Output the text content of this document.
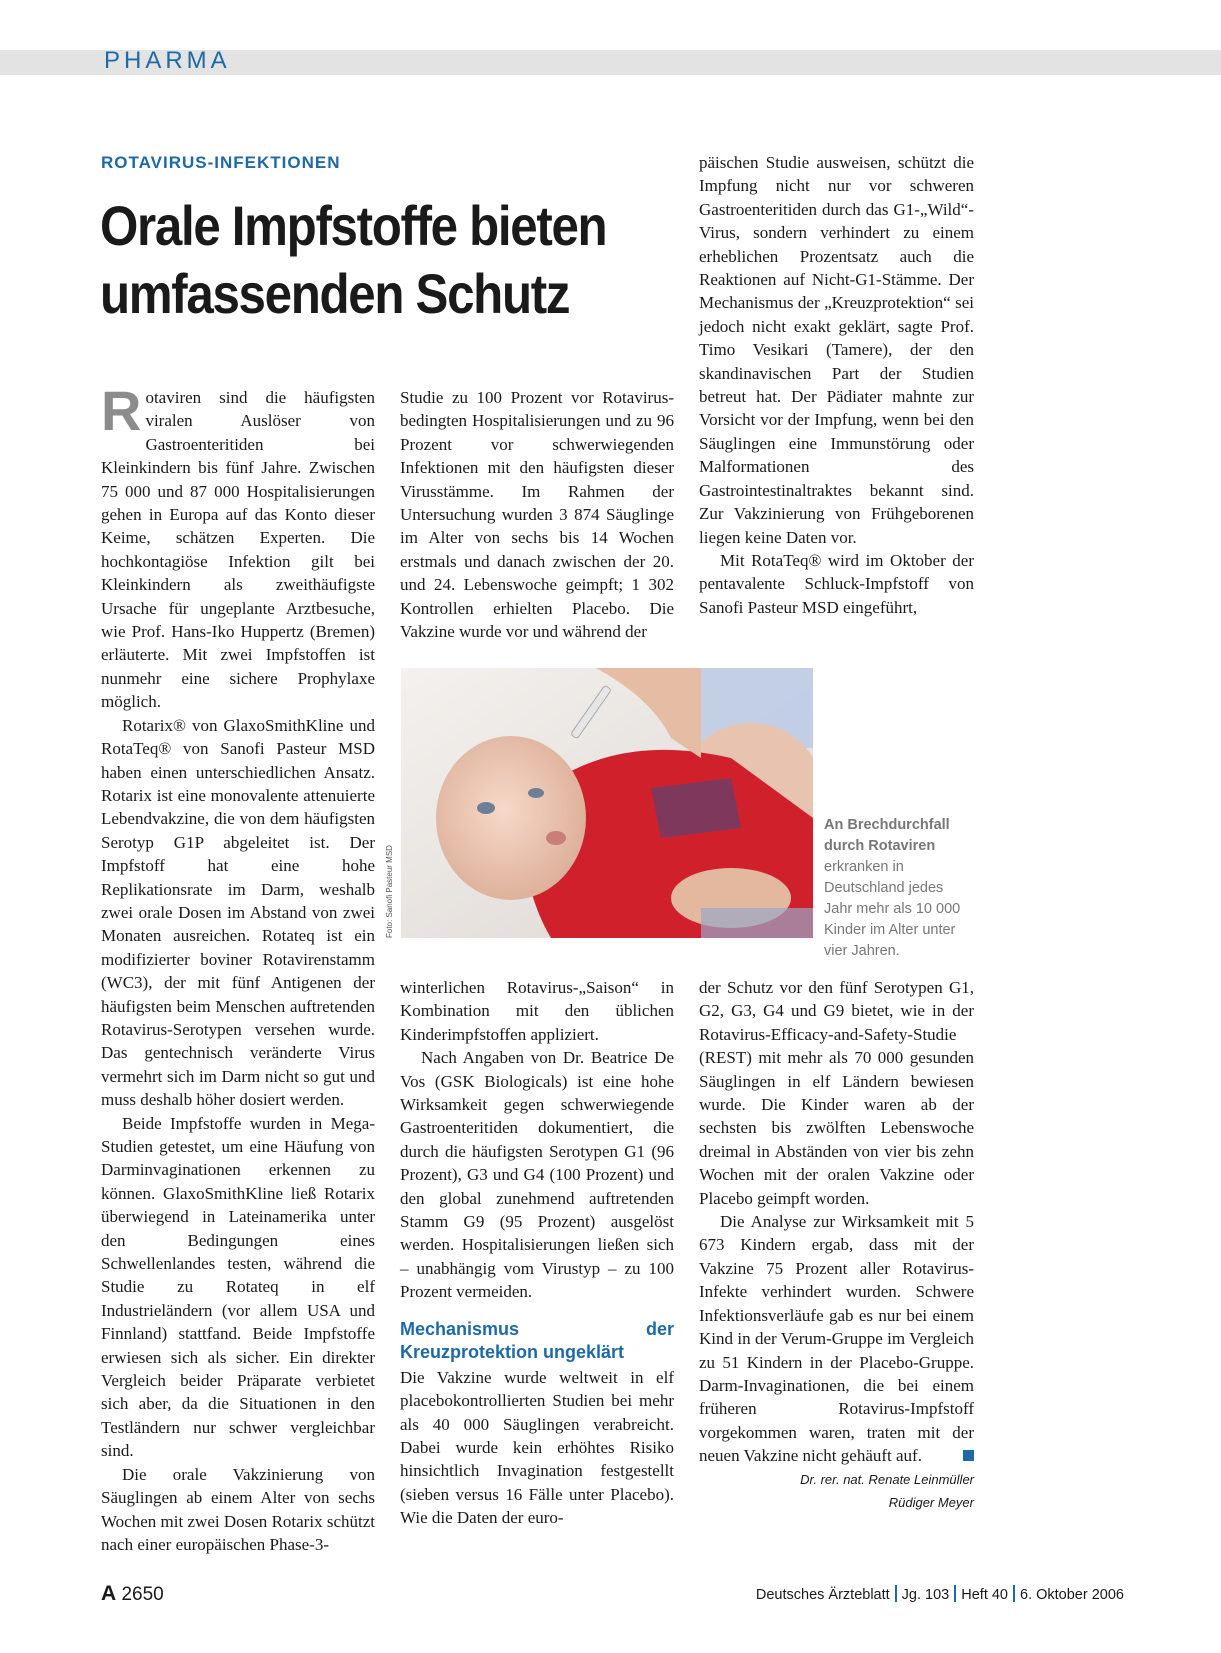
PHARMA
ROTAVIRUS-INFEKTIONEN
Orale Impfstoffe bieten umfassenden Schutz

Rotaviren sind die häufigsten viralen Auslöser von Gastroenteritiden bei Kleinkindern bis fünf Jahre. Zwischen 75 000 und 87 000 Hospitalisierungen gehen in Europa auf das Konto dieser Keime, schätzen Experten. Die hochkontagiöse Infektion gilt bei Kleinkindern als zweithäufigste Ursache für ungeplante Arztbesuche, wie Prof. Hans-Iko Huppertz (Bremen) erläuterte. Mit zwei Impfstoffen ist nunmehr eine sichere Prophylaxe möglich.

Rotarix® von GlaxoSmithKline und RotaTeq® von Sanofi Pasteur MSD haben einen unterschiedlichen Ansatz. Rotarix ist eine monovalente attenuierte Lebendvakzine, die von dem häufigsten Serotyp G1P abgeleitet ist. Der Impfstoff hat eine hohe Replikationsrate im Darm, weshalb zwei orale Dosen im Abstand von zwei Monaten ausreichen. Rotateq ist ein modifizierter boviner Rotavirenstamm (WC3), der mit fünf Antigenen der häufigsten beim Menschen auftretenden Rotavirus-Serotypen versehen wurde. Das gentechnisch veränderte Virus vermehrt sich im Darm nicht so gut und muss deshalb höher dosiert werden.

Beide Impfstoffe wurden in Mega-Studien getestet, um eine Häufung von Darminvaginationen erkennen zu können. GlaxoSmithKline ließ Rotarix überwiegend in Lateinamerika unter den Bedingungen eines Schwellenlandes testen, während die Studie zu Rotateq in elf Industrieländern (vor allem USA und Finnland) stattfand. Beide Impfstoffe erwiesen sich als sicher. Ein direkter Vergleich beider Präparate verbietet sich aber, da die Situationen in den Testländern nur schwer vergleichbar sind.

Die orale Vakzinierung von Säuglingen ab einem Alter von sechs Wochen mit zwei Dosen Rotarix schützt nach einer europäischen Phase-3-

Studie zu 100 Prozent vor Rotavirus-bedingten Hospitalisierungen und zu 96 Prozent vor schwerwiegenden Infektionen mit den häufigsten dieser Virusstämme. Im Rahmen der Untersuchung wurden 3 874 Säuglinge im Alter von sechs bis 14 Wochen erstmals und danach zwischen der 20. und 24. Lebenswoche geimpft; 1 302 Kontrollen erhielten Placebo. Die Vakzine wurde vor und während der

Foto: Sanofi Pasteur MSD
An Brechdurchfall durch Rotaviren
erkranken in Deutschland jedes Jahr mehr als 10 000 Kinder im Alter unter vier Jahren.

winterlichen Rotavirus-„Saison“ in Kombination mit den üblichen Kinderimpfstoffen appliziert.

Nach Angaben von Dr. Beatrice De Vos (GSK Biologicals) ist eine hohe Wirksamkeit gegen schwerwiegende Gastroenteritiden dokumentiert, die durch die häufigsten Serotypen G1 (96 Prozent), G3 und G4 (100 Prozent) und den global zunehmend auftretenden Stamm G9 (95 Prozent) ausgelöst werden. Hospitalisierungen ließen sich – unabhängig vom Virustyp – zu 100 Prozent vermeiden.

Mechanismus der Kreuzprotektion ungeklärt

Die Vakzine wurde weltweit in elf placebokontrollierten Studien bei mehr als 40 000 Säuglingen verabreicht. Dabei wurde kein erhöhtes Risiko hinsichtlich Invagination festgestellt (sieben versus 16 Fälle unter Placebo). Wie die Daten der euro-

päischen Studie ausweisen, schützt die Impfung nicht nur vor schweren Gastroenteritiden durch das G1-„Wild“-Virus, sondern verhindert zu einem erheblichen Prozentsatz auch die Reaktionen auf Nicht-G1-Stämme. Der Mechanismus der „Kreuzprotektion“ sei jedoch nicht exakt geklärt, sagte Prof. Timo Vesikari (Tamere), der den skandinavischen Part der Studien betreut hat. Der Pädiater mahnte zur Vorsicht vor der Impfung, wenn bei den Säuglingen eine Immunstörung oder Malformationen des Gastrointestinaltraktes bekannt sind. Zur Vakzinierung von Frühgeborenen liegen keine Daten vor.

Mit RotaTeq® wird im Oktober der pentavalente Schluck-Impfstoff von Sanofi Pasteur MSD eingeführt,

der Schutz vor den fünf Serotypen G1, G2, G3, G4 und G9 bietet, wie in der Rotavirus-Efficacy-and-Safety-Studie (REST) mit mehr als 70 000 gesunden Säuglingen in elf Ländern bewiesen wurde. Die Kinder waren ab der sechsten bis zwölften Lebenswoche dreimal in Abständen von vier bis zehn Wochen mit der oralen Vakzine oder Placebo geimpft worden.

Die Analyse zur Wirksamkeit mit 5 673 Kindern ergab, dass mit der Vakzine 75 Prozent aller Rotavirus-Infekte verhindert wurden. Schwere Infektionsverläufe gab es nur bei einem Kind in der Verum-Gruppe im Vergleich zu 51 Kindern in der Placebo-Gruppe. Darm-Invaginationen, die bei einem früheren Rotavirus-Impfstoff vorgekommen waren, traten mit der neuen Vakzine nicht gehäuft auf.

Dr. rer. nat. Renate Leinmüller
Rüdiger Meyer
A 2650	Deutsches Ärzteblatt Jg. 103 Heft 40 6. Oktober 2006
